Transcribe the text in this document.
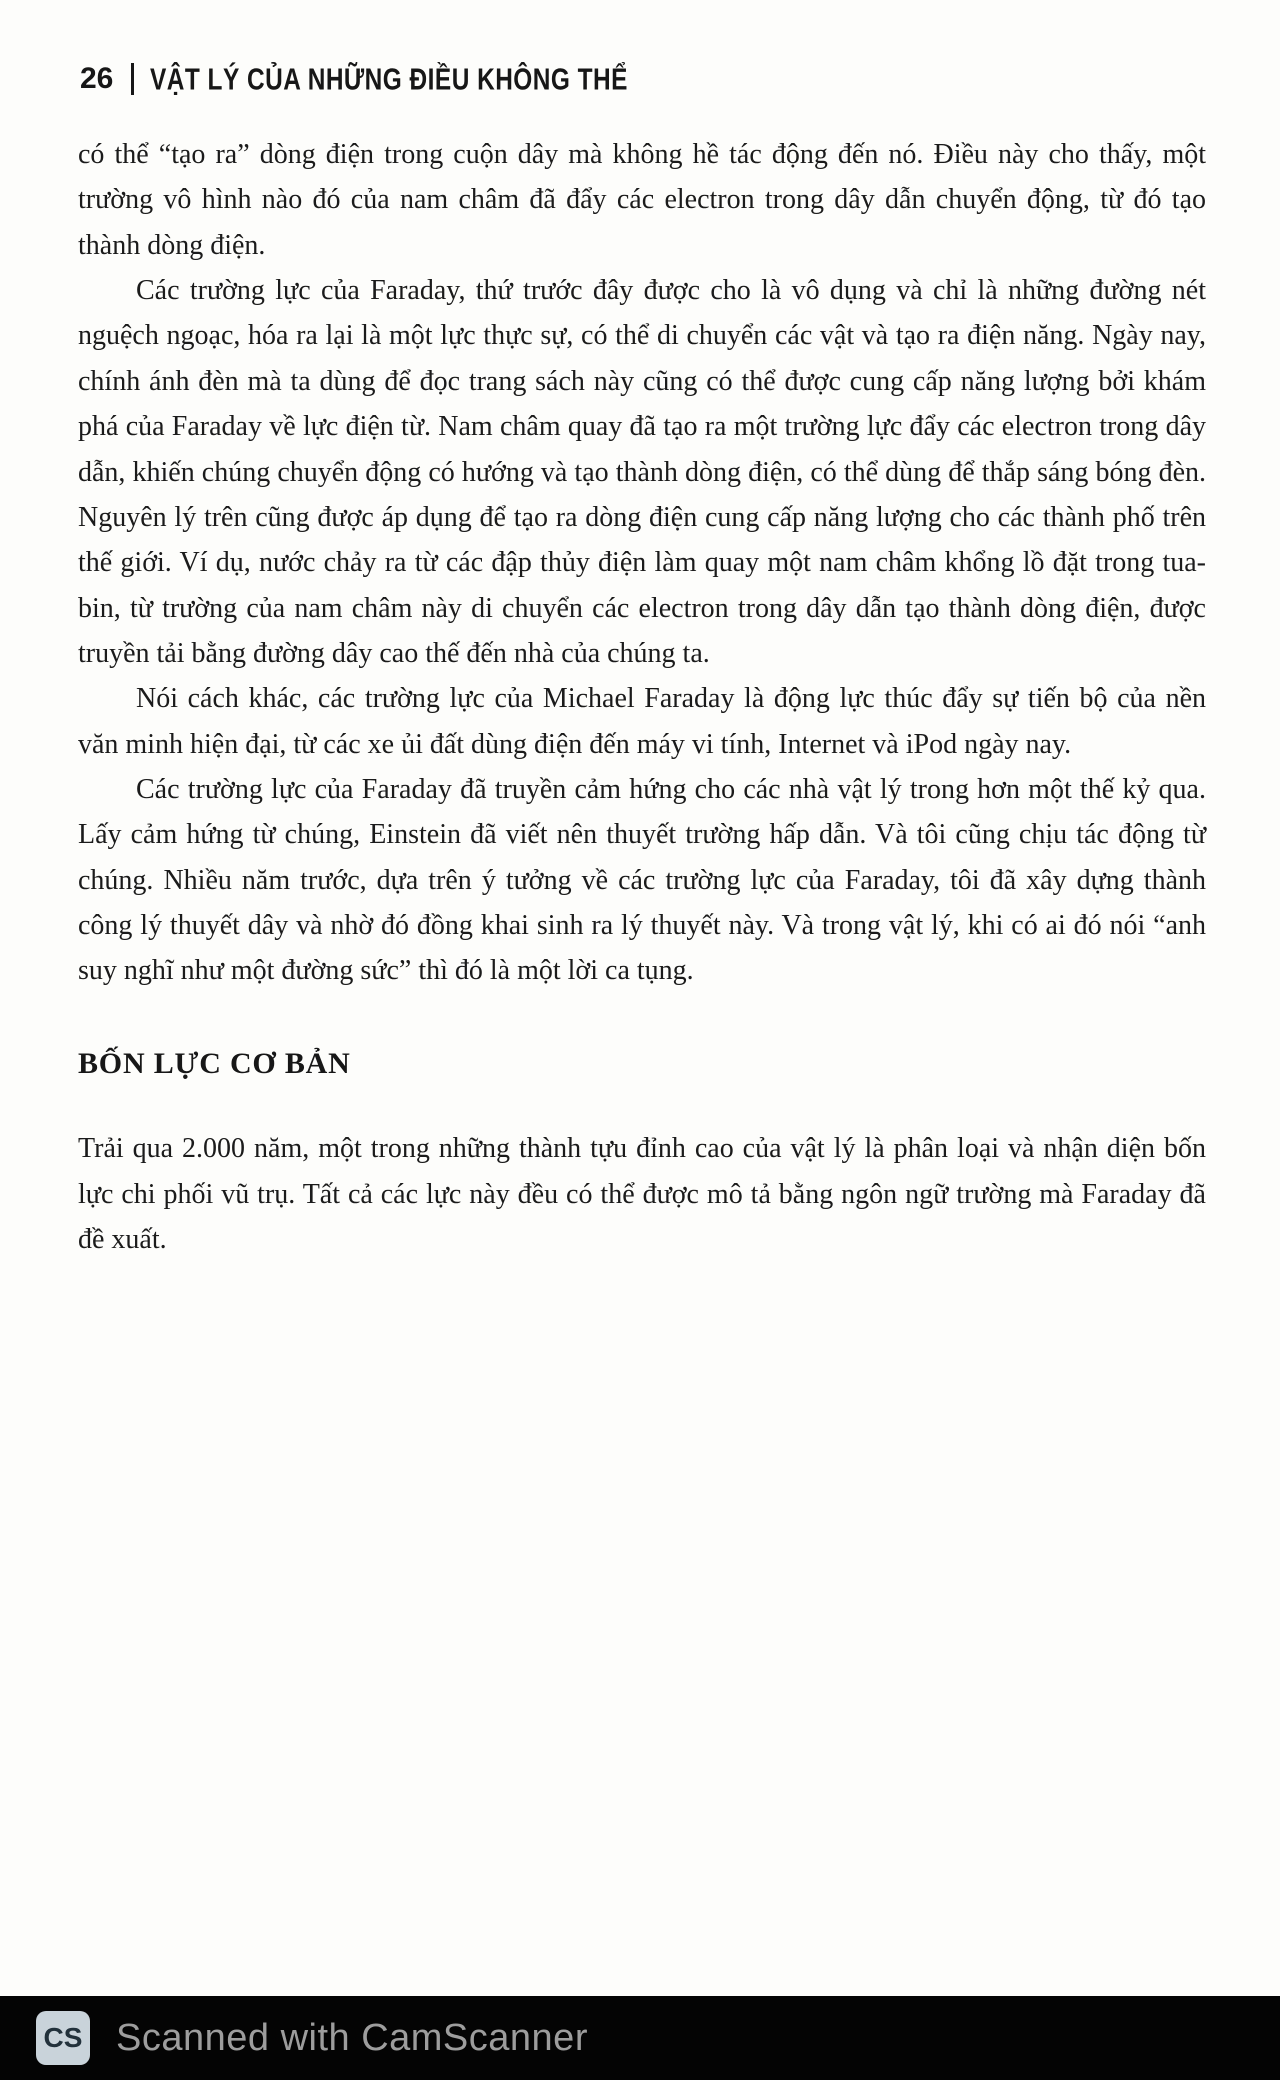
26 VẬT LÝ CỦA NHỮNG ĐIỀU KHÔNG THỂ

có thể “tạo ra” dòng điện trong cuộn dây mà không hề tác động đến nó. Điều này cho thấy, một trường vô hình nào đó của nam châm đã đẩy các electron trong dây dẫn chuyển động, từ đó tạo thành dòng điện.

Các trường lực của Faraday, thứ trước đây được cho là vô dụng và chỉ là những đường nét nguệch ngoạc, hóa ra lại là một lực thực sự, có thể di chuyển các vật và tạo ra điện năng. Ngày nay, chính ánh đèn mà ta dùng để đọc trang sách này cũng có thể được cung cấp năng lượng bởi khám phá của Faraday về lực điện từ. Nam châm quay đã tạo ra một trường lực đẩy các electron trong dây dẫn, khiến chúng chuyển động có hướng và tạo thành dòng điện, có thể dùng để thắp sáng bóng đèn. Nguyên lý trên cũng được áp dụng để tạo ra dòng điện cung cấp năng lượng cho các thành phố trên thế giới. Ví dụ, nước chảy ra từ các đập thủy điện làm quay một nam châm khổng lồ đặt trong tua-bin, từ trường của nam châm này di chuyển các electron trong dây dẫn tạo thành dòng điện, được truyền tải bằng đường dây cao thế đến nhà của chúng ta.

Nói cách khác, các trường lực của Michael Faraday là động lực thúc đẩy sự tiến bộ của nền văn minh hiện đại, từ các xe ủi đất dùng điện đến máy vi tính, Internet và iPod ngày nay.

Các trường lực của Faraday đã truyền cảm hứng cho các nhà vật lý trong hơn một thế kỷ qua. Lấy cảm hứng từ chúng, Einstein đã viết nên thuyết trường hấp dẫn. Và tôi cũng chịu tác động từ chúng. Nhiều năm trước, dựa trên ý tưởng về các trường lực của Faraday, tôi đã xây dựng thành công lý thuyết dây và nhờ đó đồng khai sinh ra lý thuyết này. Và trong vật lý, khi có ai đó nói “anh suy nghĩ như một đường sức” thì đó là một lời ca tụng.

BỐN LỰC CƠ BẢN

Trải qua 2.000 năm, một trong những thành tựu đỉnh cao của vật lý là phân loại và nhận diện bốn lực chi phối vũ trụ. Tất cả các lực này đều có thể được mô tả bằng ngôn ngữ trường mà Faraday đã đề xuất.

CS Scanned with CamScanner
